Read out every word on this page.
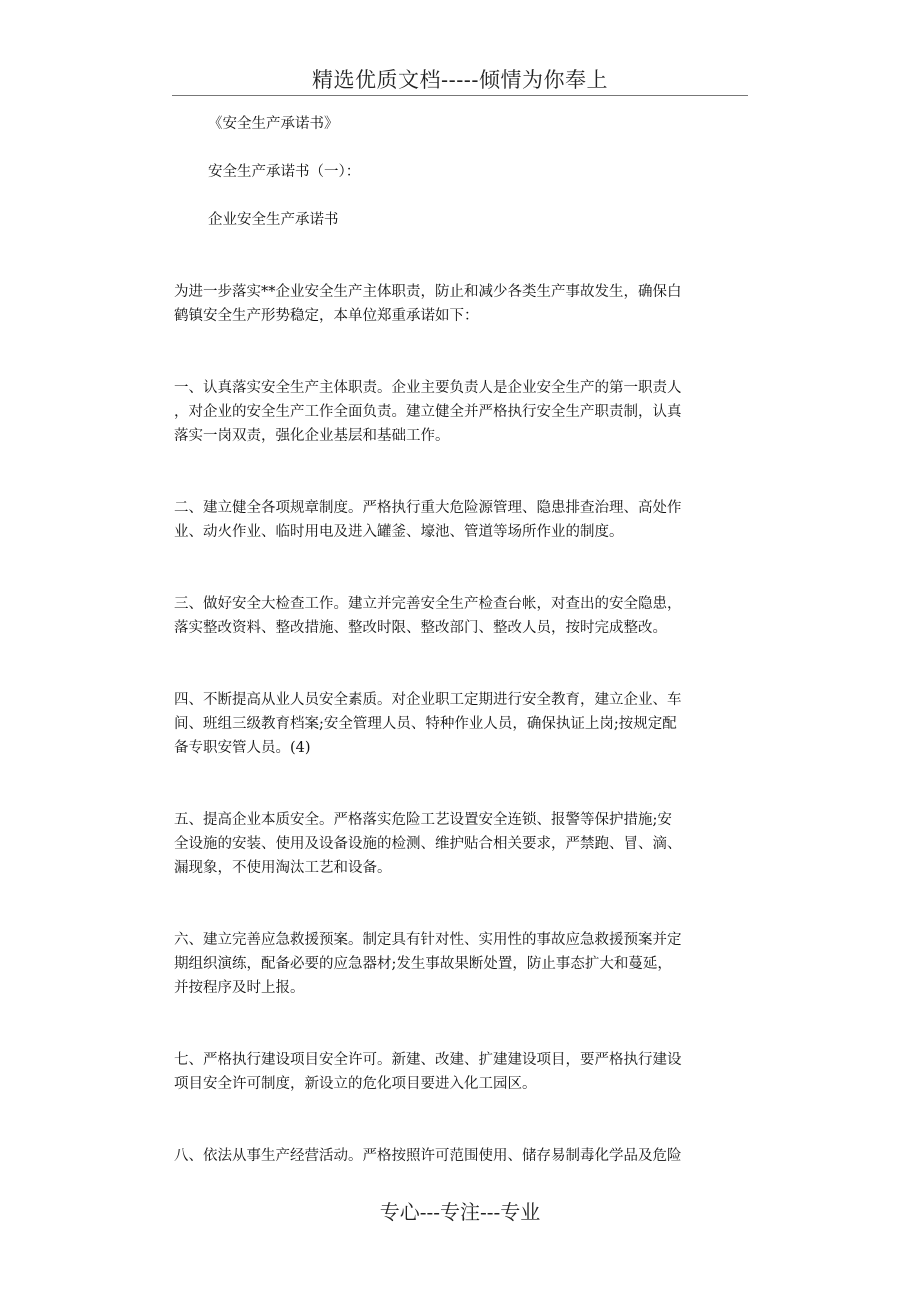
精选优质文档-----倾情为你奉上

《安全生产承诺书》

安全生产承诺书（一）：

企业安全生产承诺书

为进一步落实**企业安全生产主体职责，防止和减少各类生产事故发生，确保白

鹤镇安全生产形势稳定，本单位郑重承诺如下：

一、认真落实安全生产主体职责。企业主要负责人是企业安全生产的第一职责人

，对企业的安全生产工作全面负责。建立健全并严格执行安全生产职责制，认真

落实一岗双责，强化企业基层和基础工作。

二、建立健全各项规章制度。严格执行重大危险源管理、隐患排查治理、高处作

业、动火作业、临时用电及进入罐釜、壕池、管道等场所作业的制度。

三、做好安全大检查工作。建立并完善安全生产检查台帐，对查出的安全隐患，

落实整改资料、整改措施、整改时限、整改部门、整改人员，按时完成整改。

四、不断提高从业人员安全素质。对企业职工定期进行安全教育，建立企业、车

间、班组三级教育档案;安全管理人员、特种作业人员，确保执证上岗;按规定配

备专职安管人员。(4)

五、提高企业本质安全。严格落实危险工艺设置安全连锁、报警等保护措施;安

全设施的安装、使用及设备设施的检测、维护贴合相关要求，严禁跑、冒、滴、

漏现象，不使用淘汰工艺和设备。

六、建立完善应急救援预案。制定具有针对性、实用性的事故应急救援预案并定

期组织演练，配备必要的应急器材;发生事故果断处置，防止事态扩大和蔓延，

并按程序及时上报。

七、严格执行建设项目安全许可。新建、改建、扩建建设项目，要严格执行建设

项目安全许可制度，新设立的危化项目要进入化工园区。

八、依法从事生产经营活动。严格按照许可范围使用、储存易制毒化学品及危险

专心---专注---专业
